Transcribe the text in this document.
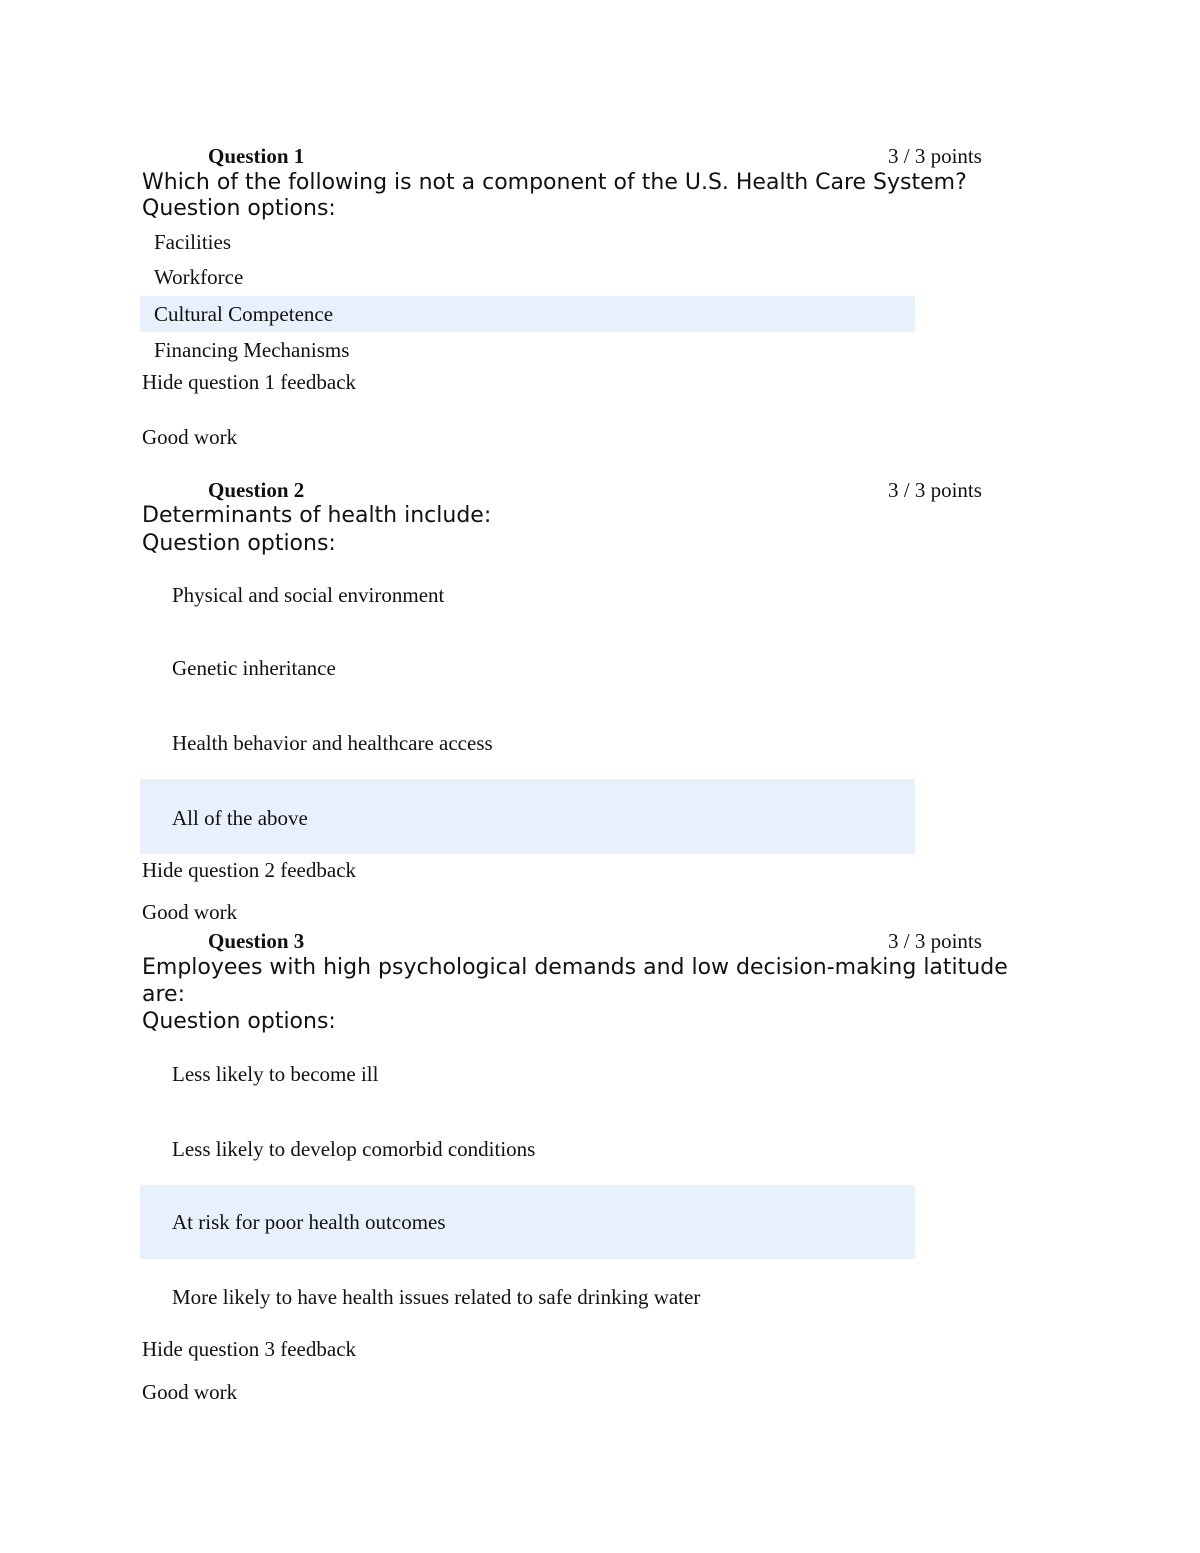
Question 1	3 / 3 points
Which of the following is not a component of the U.S. Health Care System?
Question options:
Facilities
Workforce
Cultural Competence
Financing Mechanisms
Hide question 1 feedback
Good work
Question 2	3 / 3 points
Determinants of health include:
Question options:
Physical and social environment
Genetic inheritance
Health behavior and healthcare access
All of the above
Hide question 2 feedback
Good work
Question 3	3 / 3 points
Employees with high psychological demands and low decision-making latitude are:
Question options:
Less likely to become ill
Less likely to develop comorbid conditions
At risk for poor health outcomes
More likely to have health issues related to safe drinking water
Hide question 3 feedback
Good work
